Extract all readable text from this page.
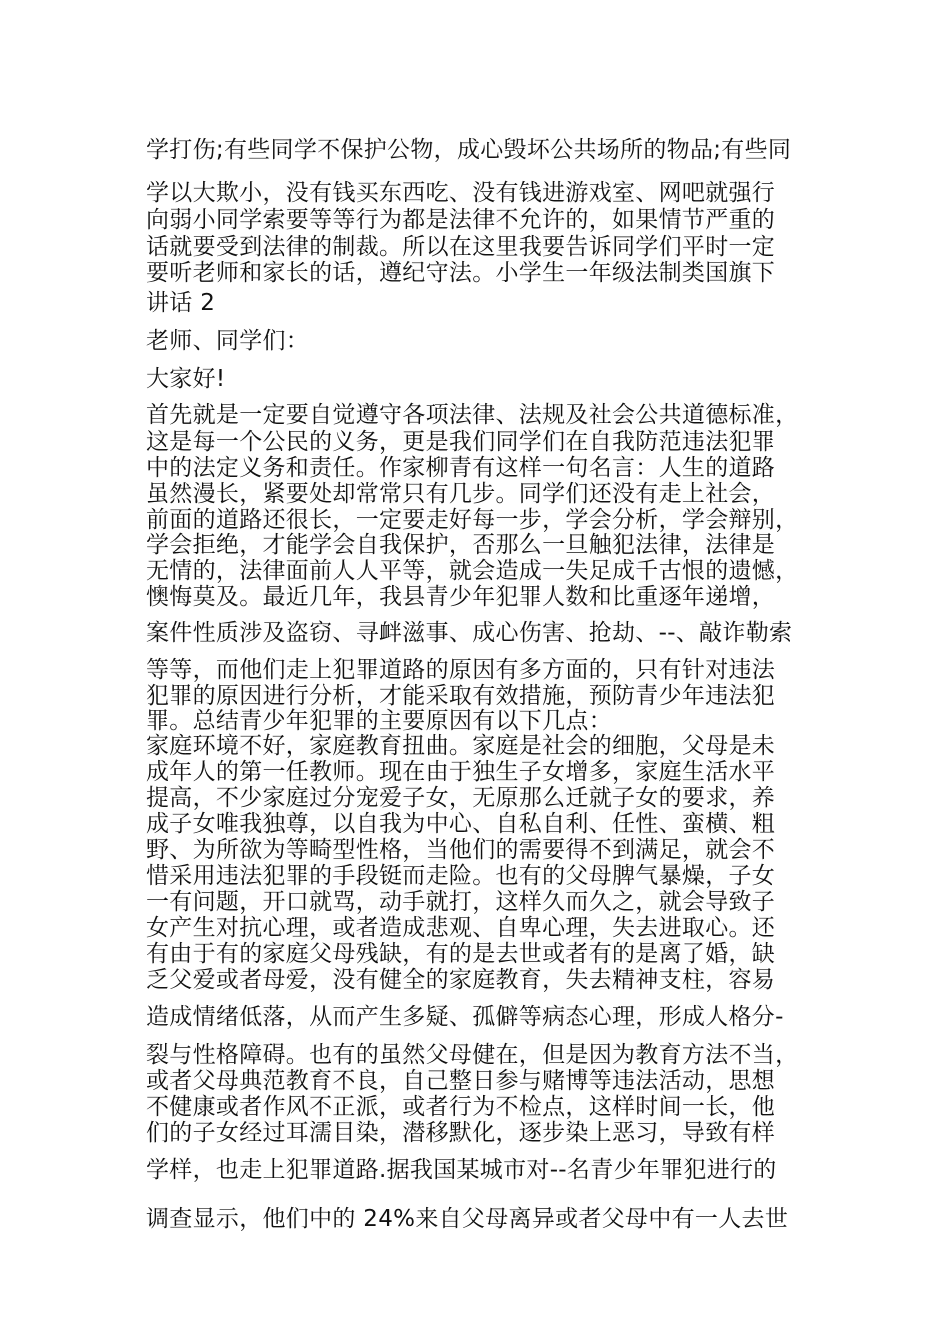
学打伤;有些同学不保护公物，成心毁坏公共场所的物品;有些同
学以大欺小，没有钱买东西吃、没有钱进游戏室、网吧就强行
向弱小同学索要等等行为都是法律不允许的，如果情节严重的
话就要受到法律的制裁。所以在这里我要告诉同学们平时一定
要听老师和家长的话，遵纪守法。小学生一年级法制类国旗下
讲话 2
老师、同学们：
大家好!
首先就是一定要自觉遵守各项法律、法规及社会公共道德标准，
这是每一个公民的义务，更是我们同学们在自我防范违法犯罪
中的法定义务和责任。作家柳青有这样一句名言：人生的道路
虽然漫长，紧要处却常常只有几步。同学们还没有走上社会，
前面的道路还很长，一定要走好每一步，学会分析，学会辩别，
学会拒绝，才能学会自我保护，否那么一旦触犯法律，法律是
无情的，法律面前人人平等，就会造成一失足成千古恨的遗憾，
懊悔莫及。最近几年，我县青少年犯罪人数和比重逐年递增，
案件性质涉及盗窃、寻衅滋事、成心伤害、抢劫、--、敲诈勒索
等等，而他们走上犯罪道路的原因有多方面的，只有针对违法
犯罪的原因进行分析，才能采取有效措施，预防青少年违法犯
罪。总结青少年犯罪的主要原因有以下几点：
家庭环境不好，家庭教育扭曲。家庭是社会的细胞，父母是未
成年人的第一任教师。现在由于独生子女增多，家庭生活水平
提高，不少家庭过分宠爱子女，无原那么迁就子女的要求，养
成子女唯我独尊，以自我为中心、自私自利、任性、蛮横、粗
野、为所欲为等畸型性格，当他们的需要得不到满足，就会不
惜采用违法犯罪的手段铤而走险。也有的父母脾气暴燥，子女
一有问题，开口就骂，动手就打，这样久而久之，就会导致子
女产生对抗心理，或者造成悲观、自卑心理，失去进取心。还
有由于有的家庭父母残缺，有的是去世或者有的是离了婚，缺
乏父爱或者母爱，没有健全的家庭教育，失去精神支柱，容易
造成情绪低落，从而产生多疑、孤僻等病态心理，形成人格分-
裂与性格障碍。也有的虽然父母健在，但是因为教育方法不当，
或者父母典范教育不良，自己整日参与赌博等违法活动，思想
不健康或者作风不正派，或者行为不检点，这样时间一长，他
们的子女经过耳濡目染，潜移默化，逐步染上恶习，导致有样
学样，也走上犯罪道路.据我国某城市对--名青少年罪犯进行的
调查显示，他们中的 24%来自父母离异或者父母中有一人去世
